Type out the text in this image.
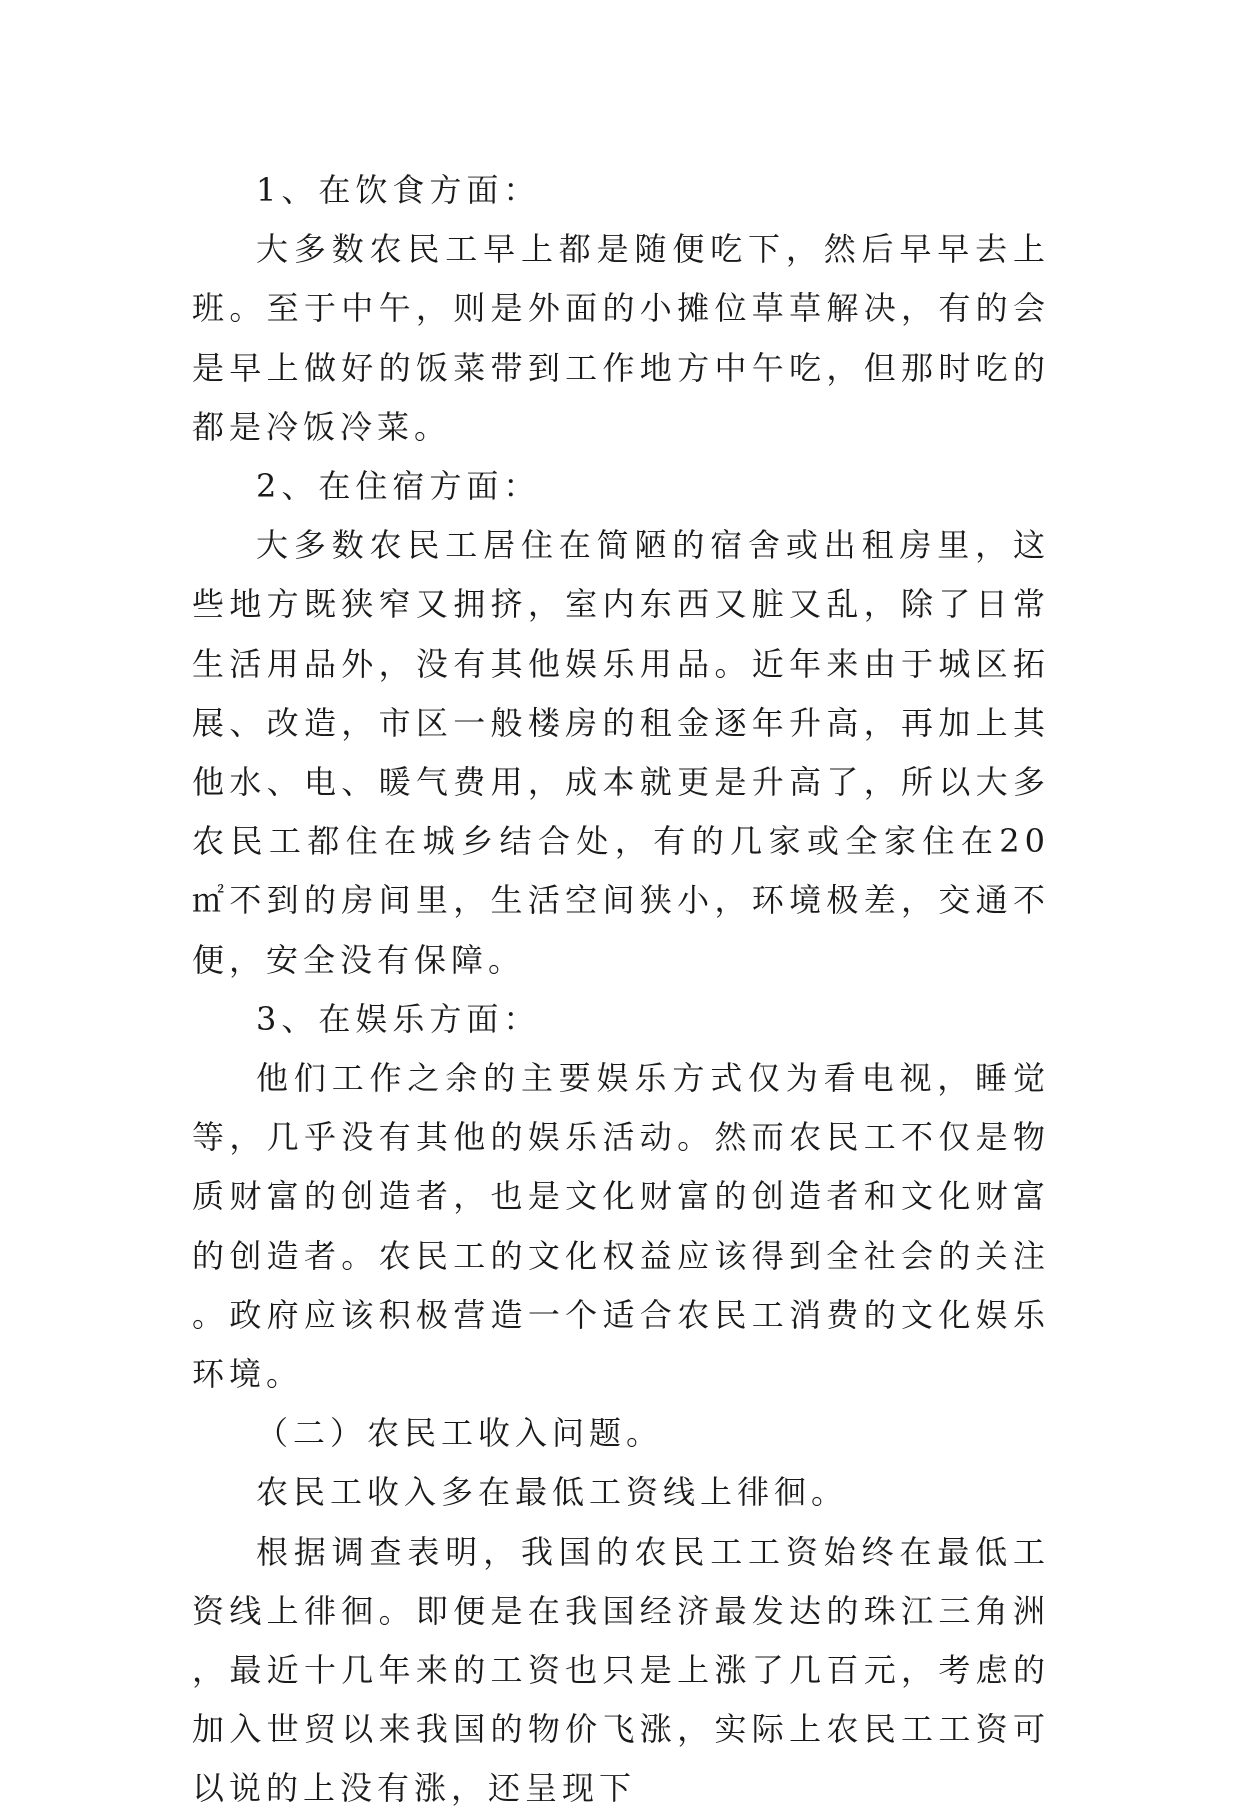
1、在饮食方面：

大多数农民工早上都是随便吃下，然后早早去上班。至于中午，则是外面的小摊位草草解决，有的会是早上做好的饭菜带到工作地方中午吃，但那时吃的都是冷饭冷菜。

2、在住宿方面：

大多数农民工居住在简陋的宿舍或出租房里，这些地方既狭窄又拥挤，室内东西又脏又乱，除了日常生活用品外，没有其他娱乐用品。近年来由于城区拓展、改造，市区一般楼房的租金逐年升高，再加上其他水、电、暖气费用，成本就更是升高了，所以大多农民工都住在城乡结合处，有的几家或全家住在20㎡不到的房间里，生活空间狭小，环境极差，交通不便，安全没有保障。

3、在娱乐方面：

他们工作之余的主要娱乐方式仅为看电视，睡觉等，几乎没有其他的娱乐活动。然而农民工不仅是物质财富的创造者，也是文化财富的创造者和文化财富的创造者。农民工的文化权益应该得到全社会的关注。政府应该积极营造一个适合农民工消费的文化娱乐环境。

（二）农民工收入问题。

农民工收入多在最低工资线上徘徊。

根据调查表明，我国的农民工工资始终在最低工资线上徘徊。即便是在我国经济最发达的珠江三角洲，最近十几年来的工资也只是上涨了几百元，考虑的加入世贸以来我国的物价飞涨，实际上农民工工资可以说的上没有涨，还呈现下
